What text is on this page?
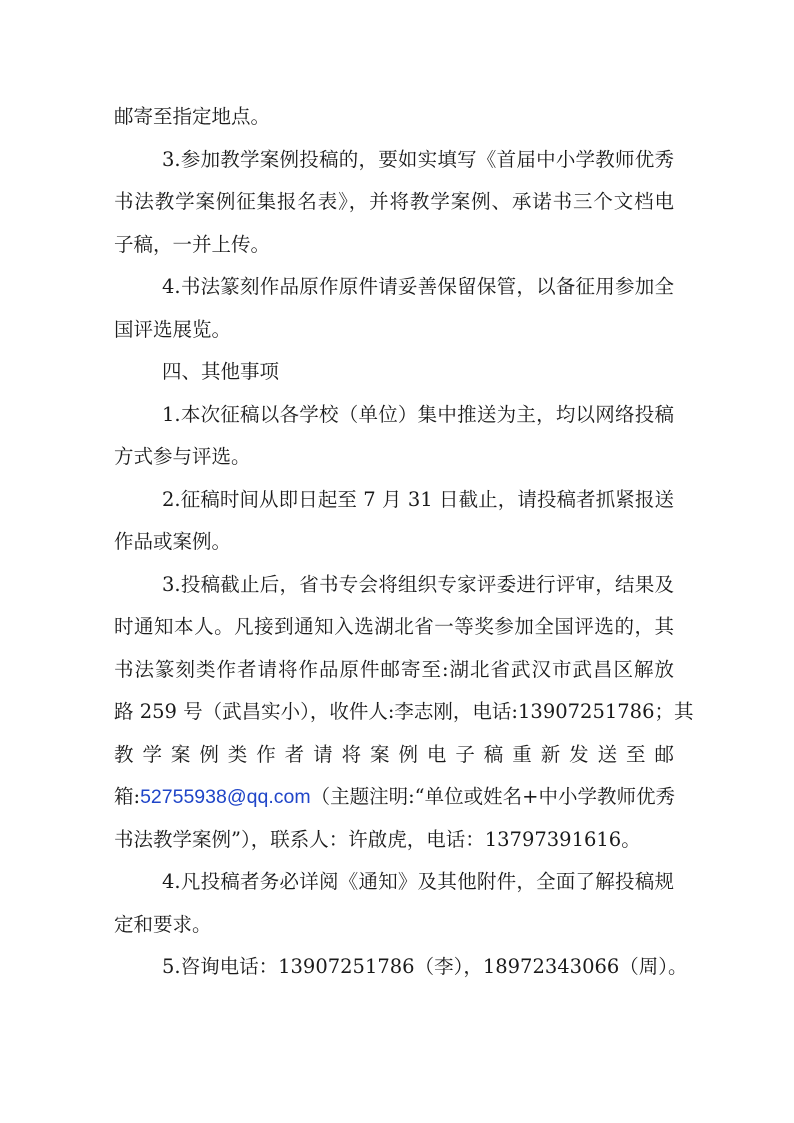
邮寄至指定地点。
3.参加教学案例投稿的，要如实填写《首届中小学教师优秀
书法教学案例征集报名表》，并将教学案例、承诺书三个文档电
子稿，一并上传。
4.书法篆刻作品原作原件请妥善保留保管，以备征用参加全
国评选展览。
四、其他事项
1.本次征稿以各学校（单位）集中推送为主，均以网络投稿
方式参与评选。
2.征稿时间从即日起至 7 月 31 日截止，请投稿者抓紧报送
作品或案例。
3.投稿截止后，省书专会将组织专家评委进行评审，结果及
时通知本人。凡接到通知入选湖北省一等奖参加全国评选的，其
书法篆刻类作者请将作品原件邮寄至:湖北省武汉市武昌区解放
路 259 号（武昌实小），收件人:李志刚，电话:13907251786；其
教学案例类作者请将案例电子稿重新发送至邮
箱:52755938@qq.com（主题注明:“单位或姓名+中小学教师优秀
书法教学案例”），联系人：许啟虎，电话：13797391616。
4.凡投稿者务必详阅《通知》及其他附件，全面了解投稿规
定和要求。
5.咨询电话：13907251786（李），18972343066（周）。
